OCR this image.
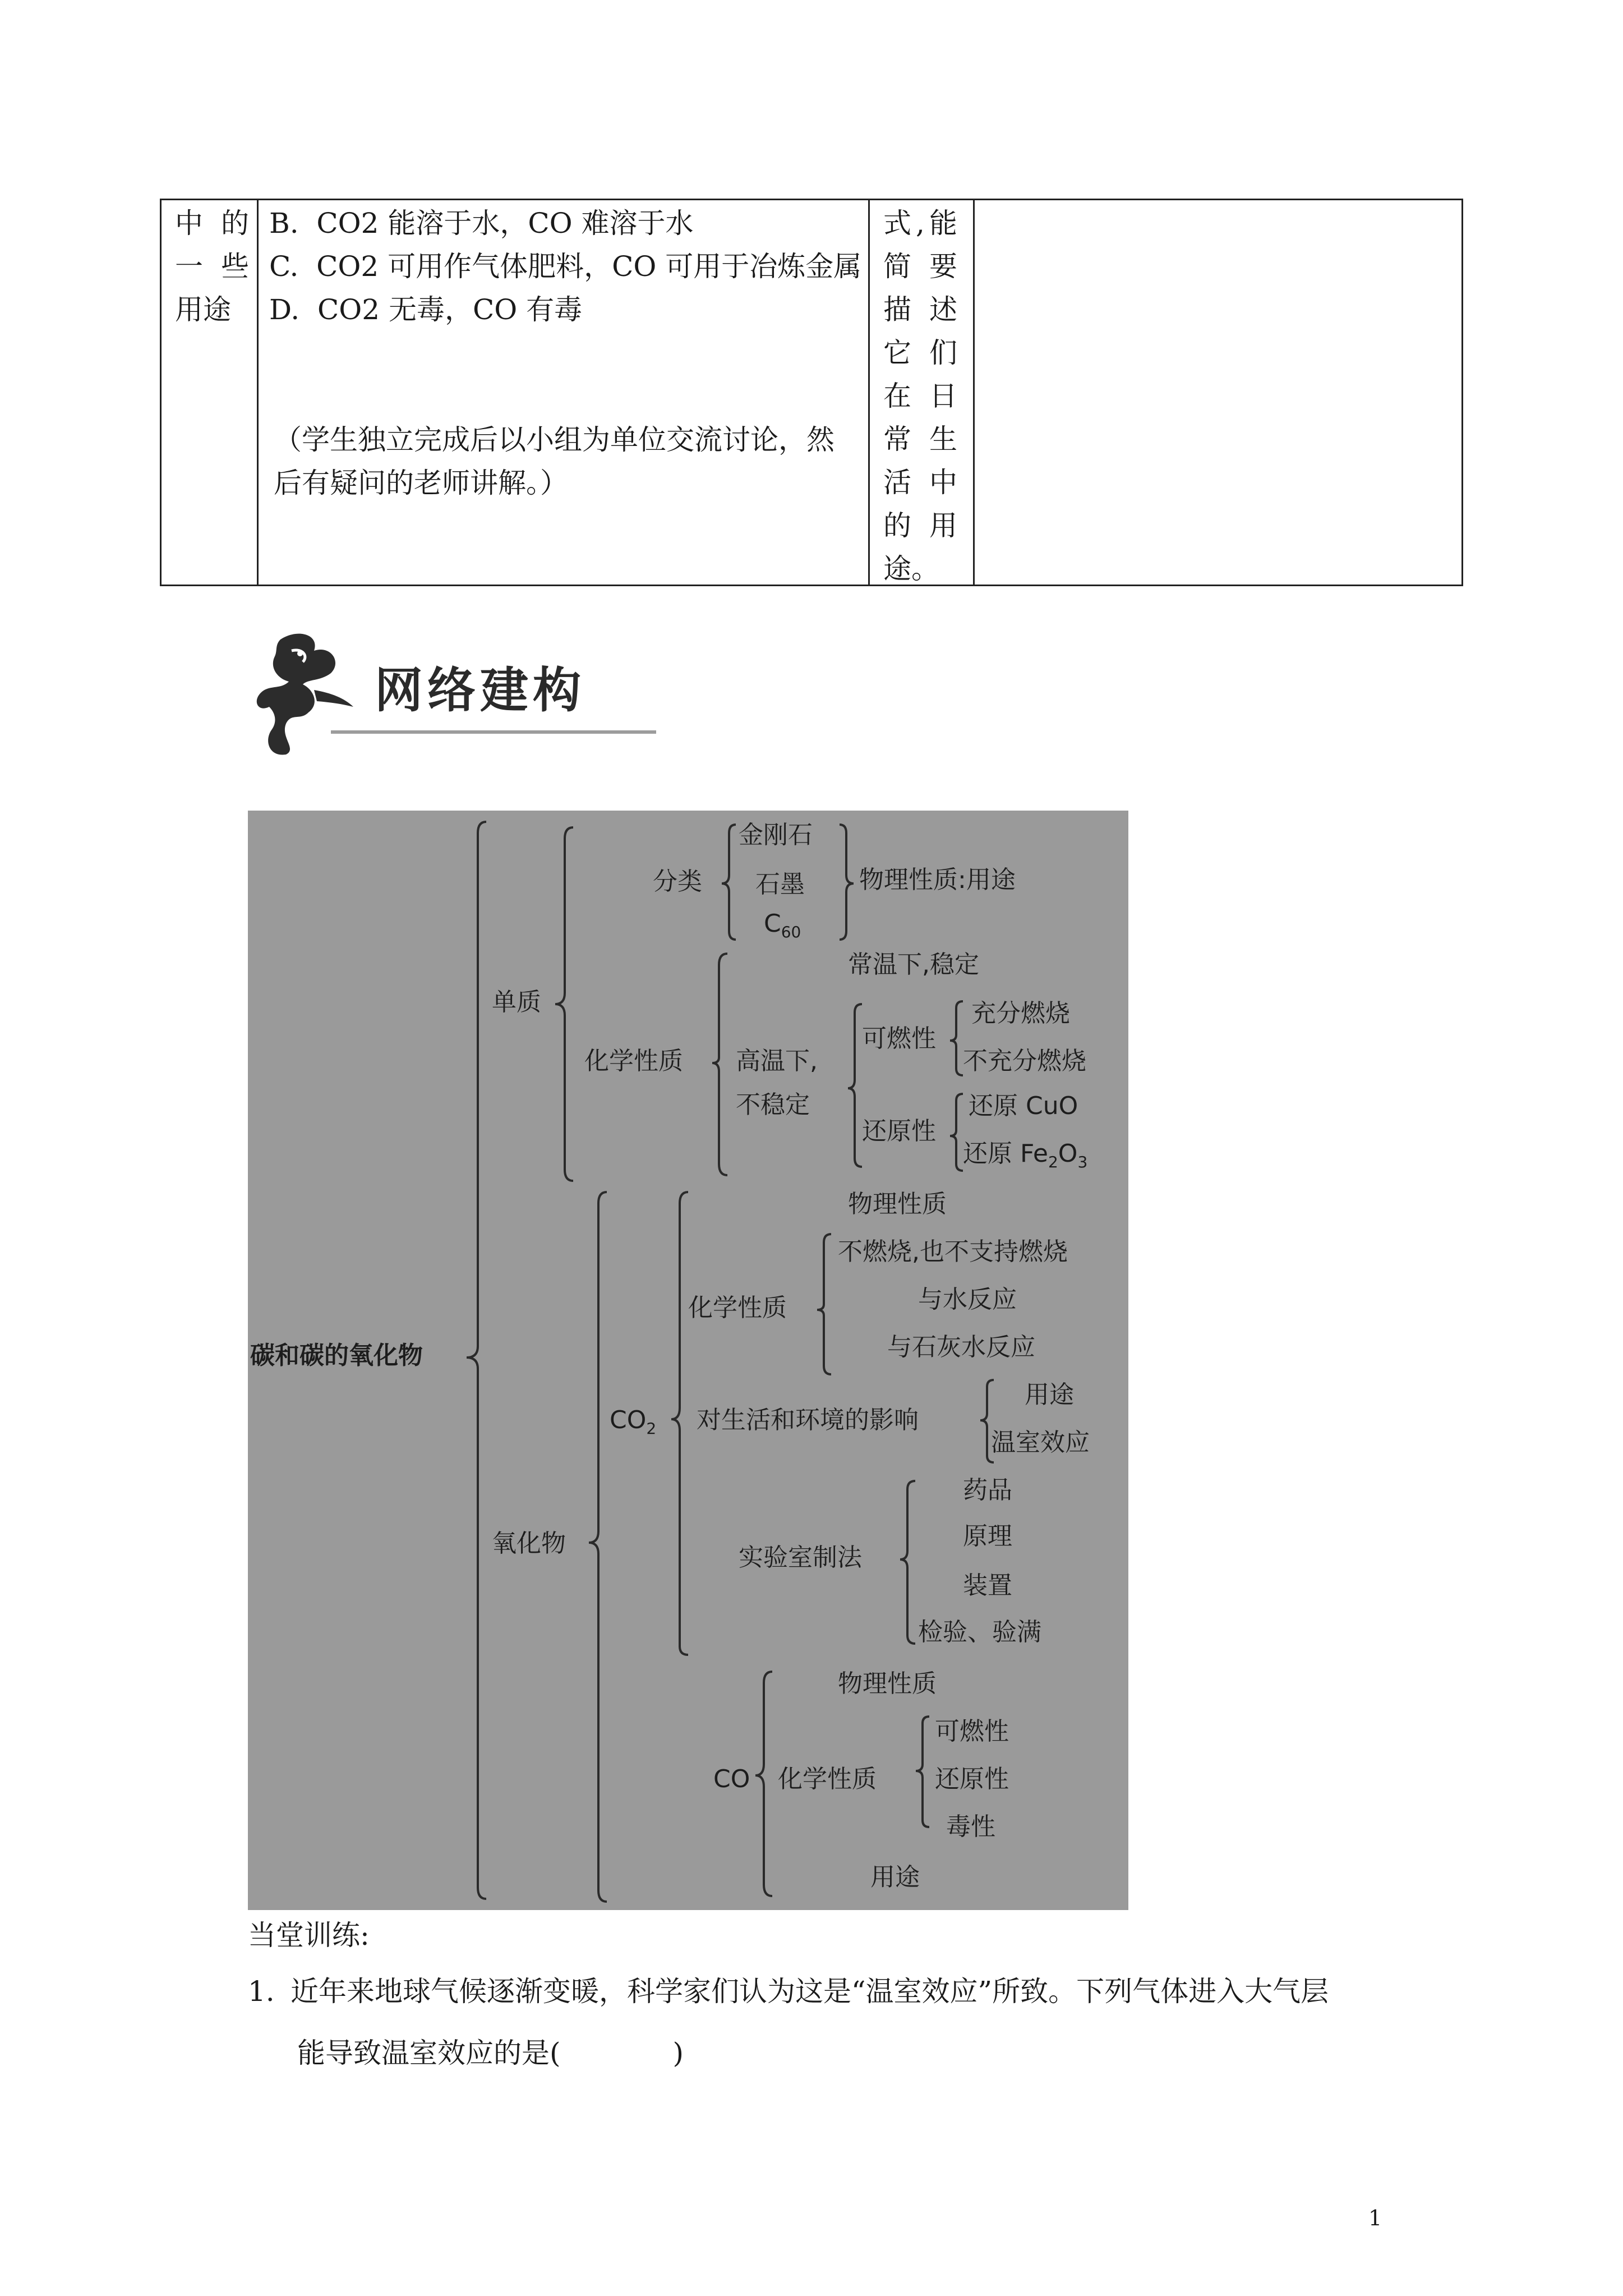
中 的
一 些
用途
B.  CO2 能溶于水，CO 难溶于水
C.  CO2 可用作气体肥料，CO 可用于冶炼金属
D.  CO2 无毒，CO 有毒
（学生独立完成后以小组为单位交流讨论，然
后有疑问的老师讲解。）
式,能
简 要
描 述
它 们
在 日
常 生
活 中
的 用
途。
网络建构
碳和碳的氧化物
单质
分类
金刚石
石墨
$C_{60}$
物理性质:用途
化学性质
常温下,稳定
高温下,
不稳定
可燃性
充分燃烧
不充分燃烧
还原性
还原 CuO
还原 $Fe_2O_3$
氧化物
$CO_2$
物理性质
化学性质
不燃烧,也不支持燃烧
与水反应
与石灰水反应
对生活和环境的影响
用途
温室效应
实验室制法
药品
原理
装置
检验、验满
CO
物理性质
化学性质
可燃性
还原性
毒性
用途
当堂训练:
1. 近年来地球气候逐渐变暖，科学家们认为这是“温室效应”所致。下列气体进入大气层
能导致温室效应的是(　　　　)
1
